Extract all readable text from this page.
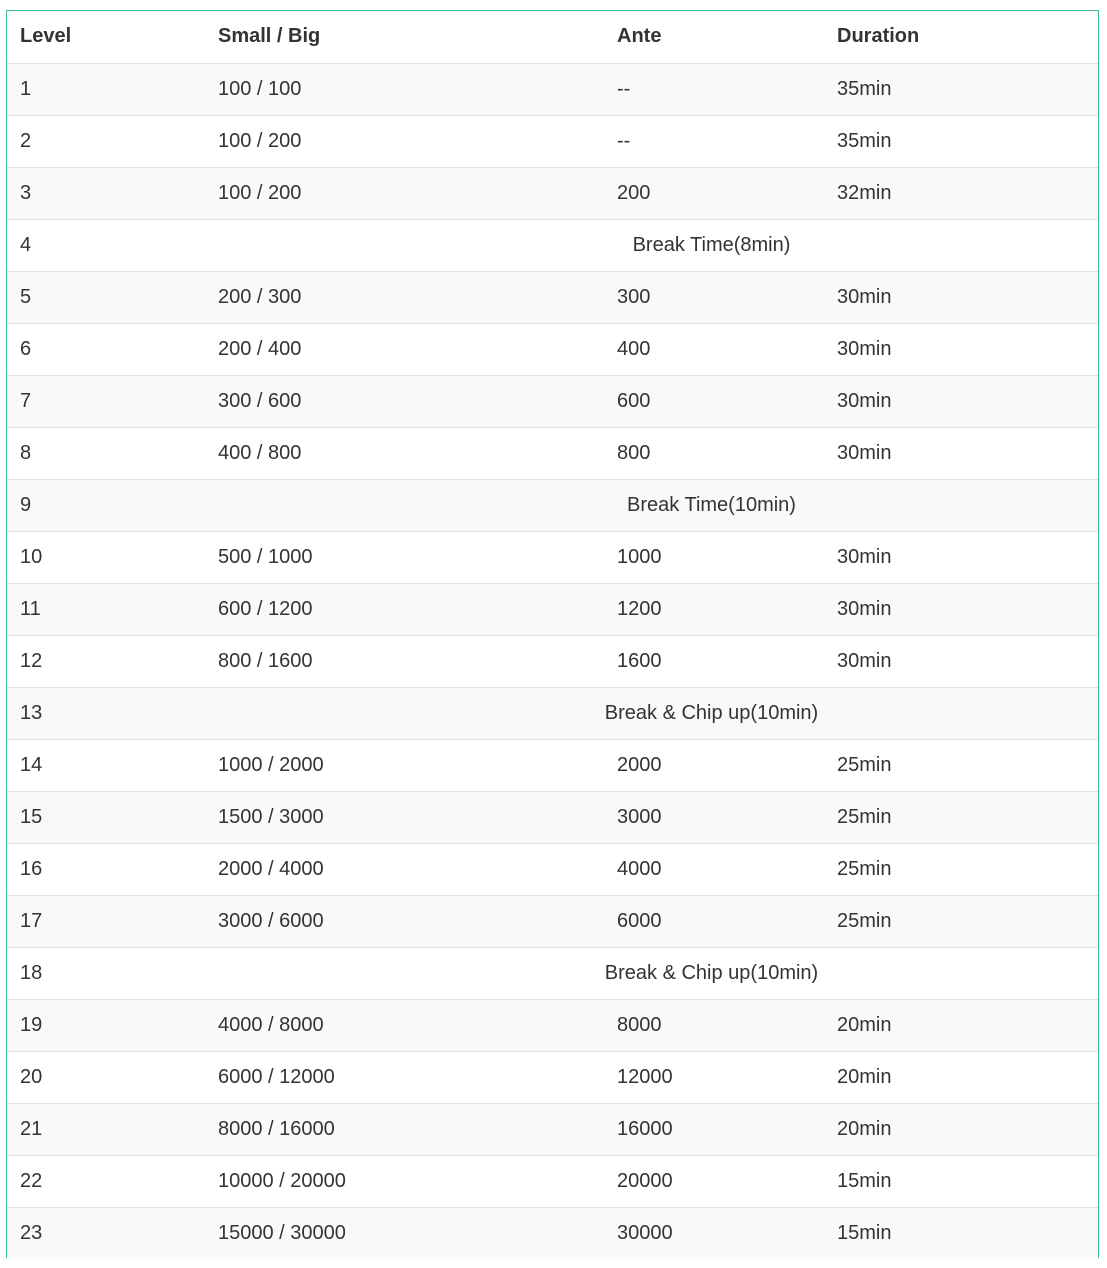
Level	Small / Big	Ante	Duration
1	100 / 100	--	35min
2	100 / 200	--	35min
3	100 / 200	200	32min
4	Break Time(8min)		
5	200 / 300	300	30min
6	200 / 400	400	30min
7	300 / 600	600	30min
8	400 / 800	800	30min
9	Break Time(10min)		
10	500 / 1000	1000	30min
11	600 / 1200	1200	30min
12	800 / 1600	1600	30min
13	Break & Chip up(10min)		
14	1000 / 2000	2000	25min
15	1500 / 3000	3000	25min
16	2000 / 4000	4000	25min
17	3000 / 6000	6000	25min
18	Break & Chip up(10min)		
19	4000 / 8000	8000	20min
20	6000 / 12000	12000	20min
21	8000 / 16000	16000	20min
22	10000 / 20000	20000	15min
23	15000 / 30000	30000	15min
